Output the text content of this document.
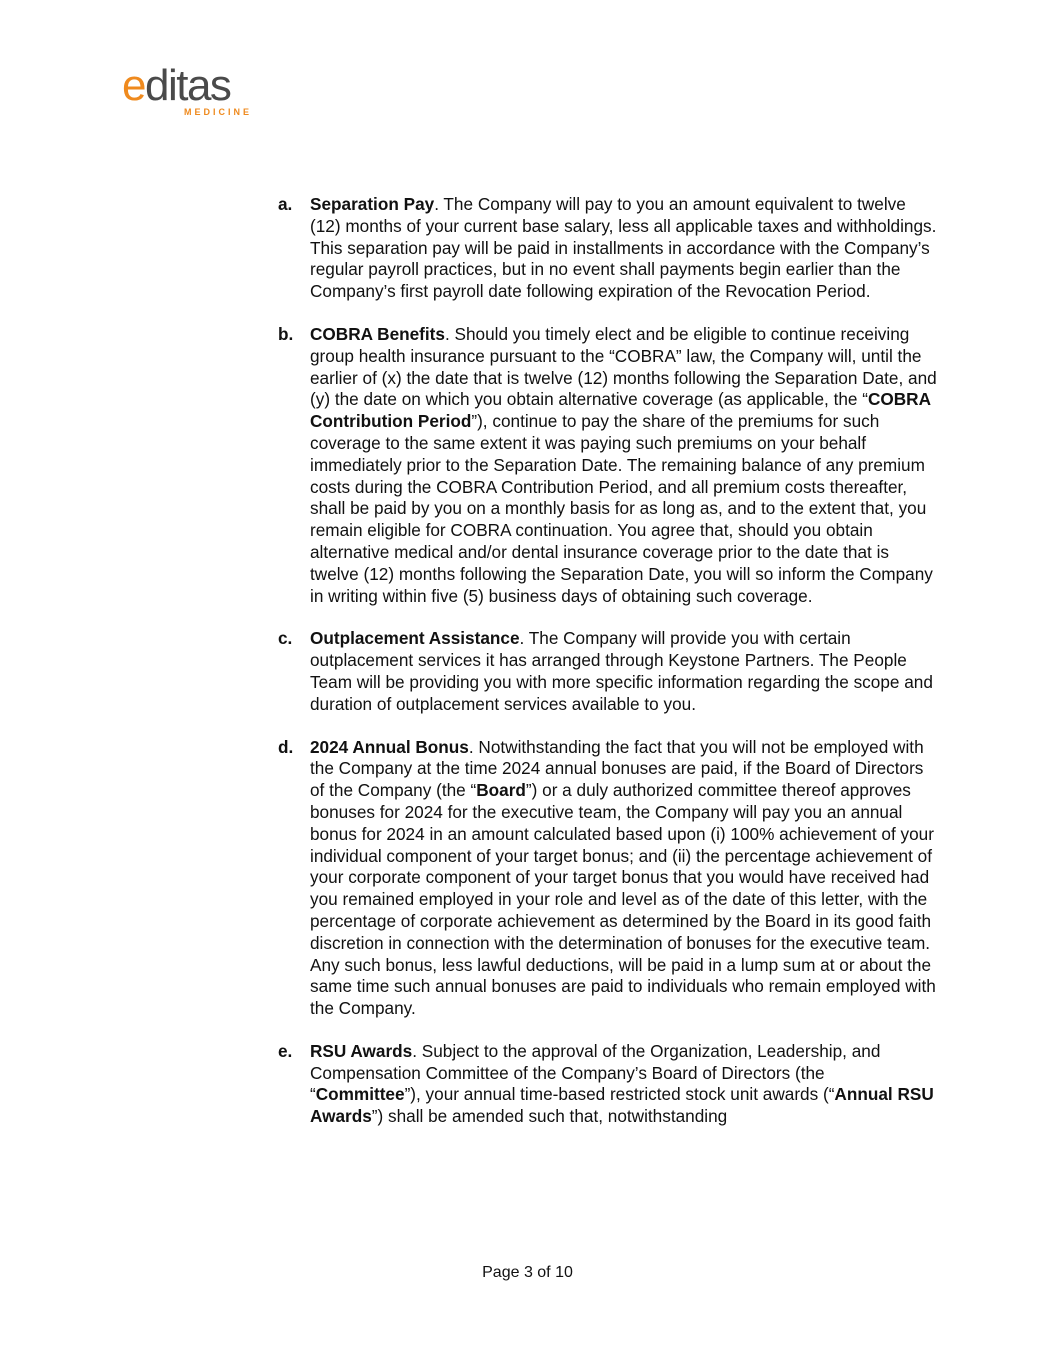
editas
MEDICINE
a. Separation Pay. The Company will pay to you an amount equivalent to twelve (12) months of your current base salary, less all applicable taxes and withholdings. This separation pay will be paid in installments in accordance with the Company’s regular payroll practices, but in no event shall payments begin earlier than the Company’s first payroll date following expiration of the Revocation Period.
b. COBRA Benefits. Should you timely elect and be eligible to continue receiving group health insurance pursuant to the “COBRA” law, the Company will, until the earlier of (x) the date that is twelve (12) months following the Separation Date, and (y) the date on which you obtain alternative coverage (as applicable, the “COBRA Contribution Period”), continue to pay the share of the premiums for such coverage to the same extent it was paying such premiums on your behalf immediately prior to the Separation Date. The remaining balance of any premium costs during the COBRA Contribution Period, and all premium costs thereafter, shall be paid by you on a monthly basis for as long as, and to the extent that, you remain eligible for COBRA continuation. You agree that, should you obtain alternative medical and/or dental insurance coverage prior to the date that is twelve (12) months following the Separation Date, you will so inform the Company in writing within five (5) business days of obtaining such coverage.
c. Outplacement Assistance. The Company will provide you with certain outplacement services it has arranged through Keystone Partners. The People Team will be providing you with more specific information regarding the scope and duration of outplacement services available to you.
d. 2024 Annual Bonus. Notwithstanding the fact that you will not be employed with the Company at the time 2024 annual bonuses are paid, if the Board of Directors of the Company (the “Board”) or a duly authorized committee thereof approves bonuses for 2024 for the executive team, the Company will pay you an annual bonus for 2024 in an amount calculated based upon (i) 100% achievement of your individual component of your target bonus; and (ii) the percentage achievement of your corporate component of your target bonus that you would have received had you remained employed in your role and level as of the date of this letter, with the percentage of corporate achievement as determined by the Board in its good faith discretion in connection with the determination of bonuses for the executive team. Any such bonus, less lawful deductions, will be paid in a lump sum at or about the same time such annual bonuses are paid to individuals who remain employed with the Company.
e. RSU Awards. Subject to the approval of the Organization, Leadership, and Compensation Committee of the Company’s Board of Directors (the “Committee”), your annual time-based restricted stock unit awards (“Annual RSU Awards”) shall be amended such that, notwithstanding
Page 3 of 10
